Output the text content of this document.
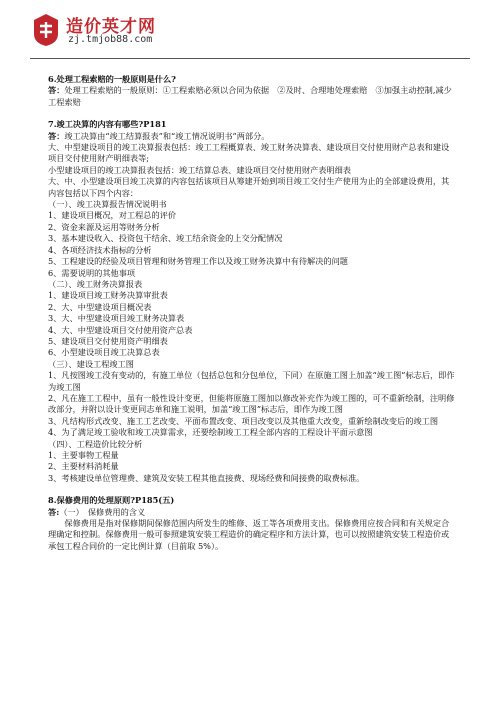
造价英才网
zj.tmjob88.com

6.处理工程索赔的一般原则是什么?

答：处理工程索赔的一般原则：①工程索赔必须以合同为依据　②及时、合理地处理索赔　③加强主动控制,减少工程索赔

7.竣工决算的内容有哪些?P181

答：竣工决算由“竣工结算报表”和“竣工情况说明书”两部分。

大、中型建设项目的竣工决算报表包括：竣工工程概算表、竣工财务决算表、建设项目交付使用财产总表和建设项目交付使用财产明细表等;

小型建设项目的竣工决算报表包括：竣工结算总表、建设项目交付使用财产表明细表

大、中、小型建设项目竣工决算的内容包括该项目从筹建开始到项目竣工交付生产使用为止的全部建设费用，其内容包括以下四个内容：

（一）、竣工决算报告情况说明书

1、建设项目概况，对工程总的评价

2、资金来源及运用等财务分析

3、基本建设收入、投资包干结余、竣工结余资金的上交分配情况

4、各项经济技术指标的分析

5、工程建设的经验及项目管理和财务管理工作以及竣工财务决算中有待解决的问题

6、需要说明的其他事项

（二）、竣工财务决算报表

1、建设项目竣工财务决算审批表

2、大、中型建设项目概况表

3、大、中型建设项目竣工财务决算表

4、大、中型建设项目交付使用资产总表

5、建设项目交付使用资产明细表

6、小型建设项目竣工决算总表

（三）、建设工程竣工图

1、凡按图竣工没有变动的，有施工单位（包括总包和分包单位，下同）在原施工图上加盖“竣工图”标志后，即作为竣工图

2、凡在施工工程中，虽有一般性设计变更，但能将原施工图加以修改补充作为竣工图的，可不重新绘制，注明修改部分，并附以设计变更同志单和施工说明，加盖“竣工图”标志后，即作为竣工图

3、凡结构形式改变、施工工艺改变、平面布置改变、项目改变以及其他重大改变，重新绘制改变后的竣工图

4、为了满足竣工验收和竣工决算需求，还要绘制竣工工程全部内容的工程设计平面示意图

（四）、工程造价比较分析

1、主要事物工程量

2、主要材料消耗量

3、考核建设单位管理费、建筑及安装工程其他直接费、现场经费和间接费的取费标准。

8.保修费用的处理原则?P185(五)

答:（一）　保修费用的含义

　　保修费用是指对保修期间保修范围内所发生的维修、返工等各项费用支出。保修费用应按合同和有关规定合理确定和控制。保修费用一般可参照建筑安装工程造价的确定程序和方法计算，也可以按照建筑安装工程造价或承包工程合同价的一定比例计算（目前取 5%）。
